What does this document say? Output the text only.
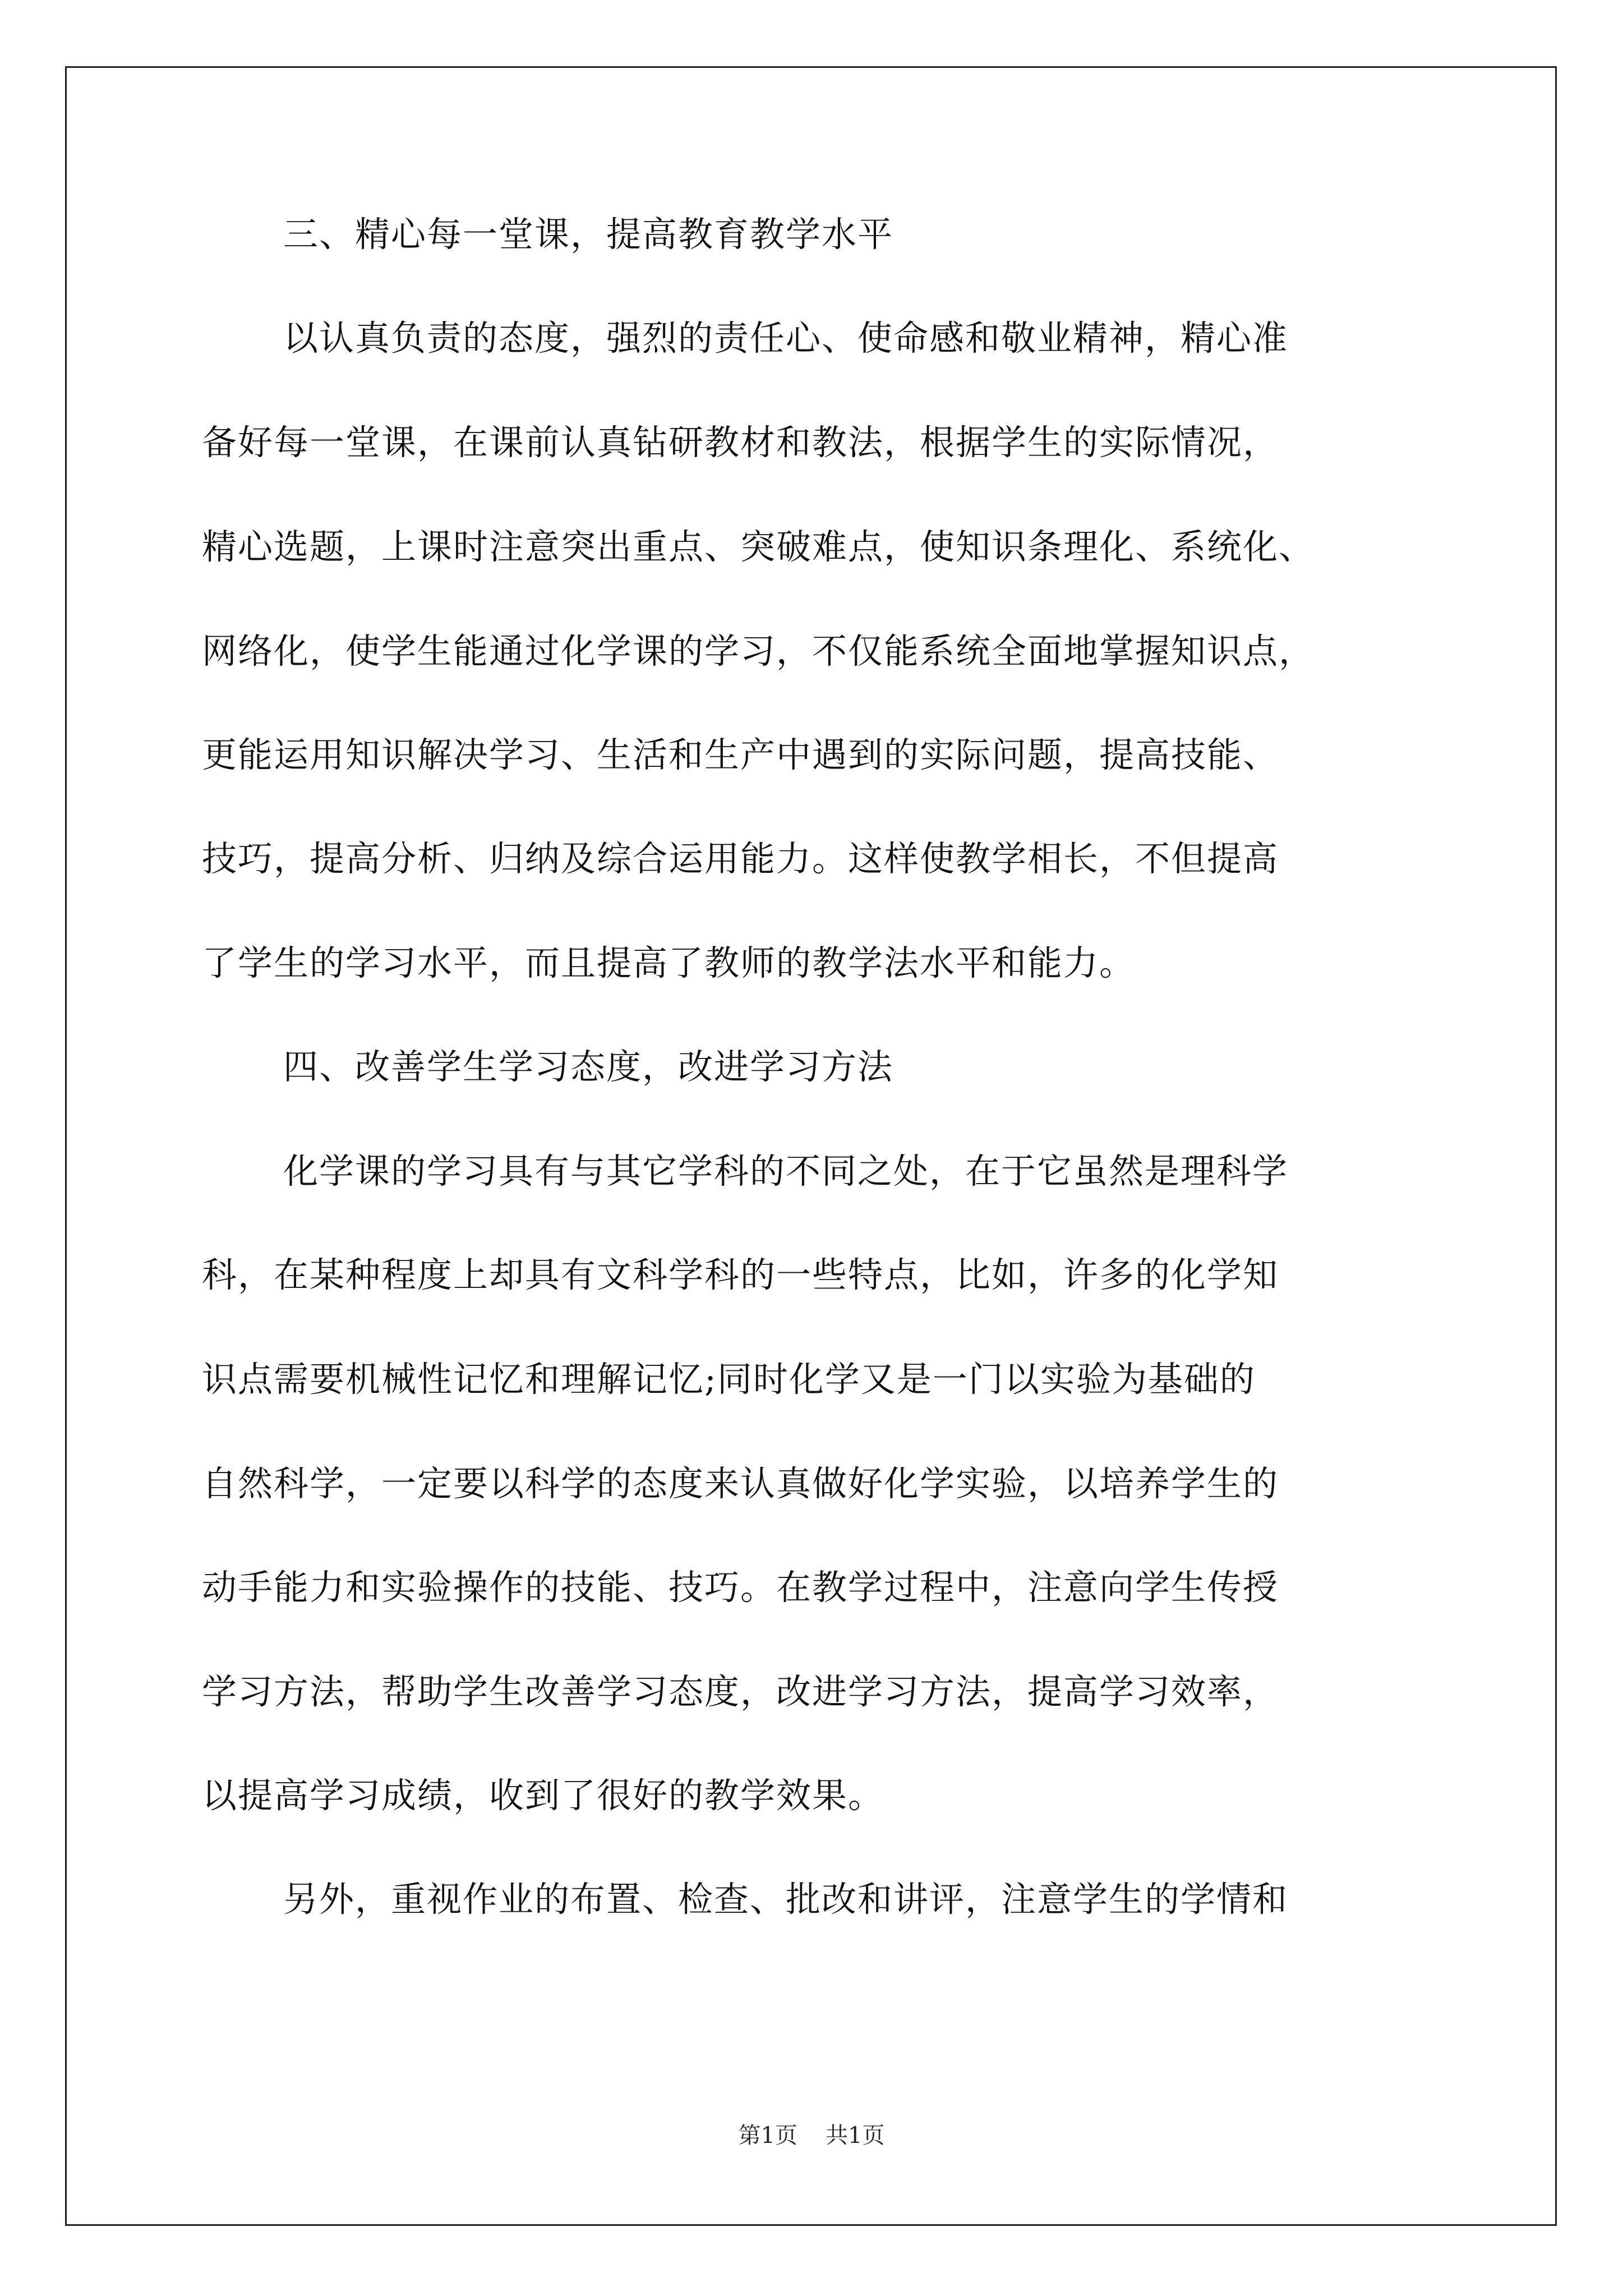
三、精心每一堂课，提高教育教学水平
以认真负责的态度，强烈的责任心、使命感和敬业精神，精心准
备好每一堂课，在课前认真钻研教材和教法，根据学生的实际情况，
精心选题，上课时注意突出重点、突破难点，使知识条理化、系统化、
网络化，使学生能通过化学课的学习，不仅能系统全面地掌握知识点，
更能运用知识解决学习、生活和生产中遇到的实际问题，提高技能、
技巧，提高分析、归纳及综合运用能力。这样使教学相长，不但提高
了学生的学习水平，而且提高了教师的教学法水平和能力。
四、改善学生学习态度，改进学习方法
化学课的学习具有与其它学科的不同之处，在于它虽然是理科学
科，在某种程度上却具有文科学科的一些特点，比如，许多的化学知
识点需要机械性记忆和理解记忆;同时化学又是一门以实验为基础的
自然科学，一定要以科学的态度来认真做好化学实验，以培养学生的
动手能力和实验操作的技能、技巧。在教学过程中，注意向学生传授
学习方法，帮助学生改善学习态度，改进学习方法，提高学习效率，
以提高学习成绩，收到了很好的教学效果。
另外，重视作业的布置、检查、批改和讲评，注意学生的学情和
第1页 共1页
